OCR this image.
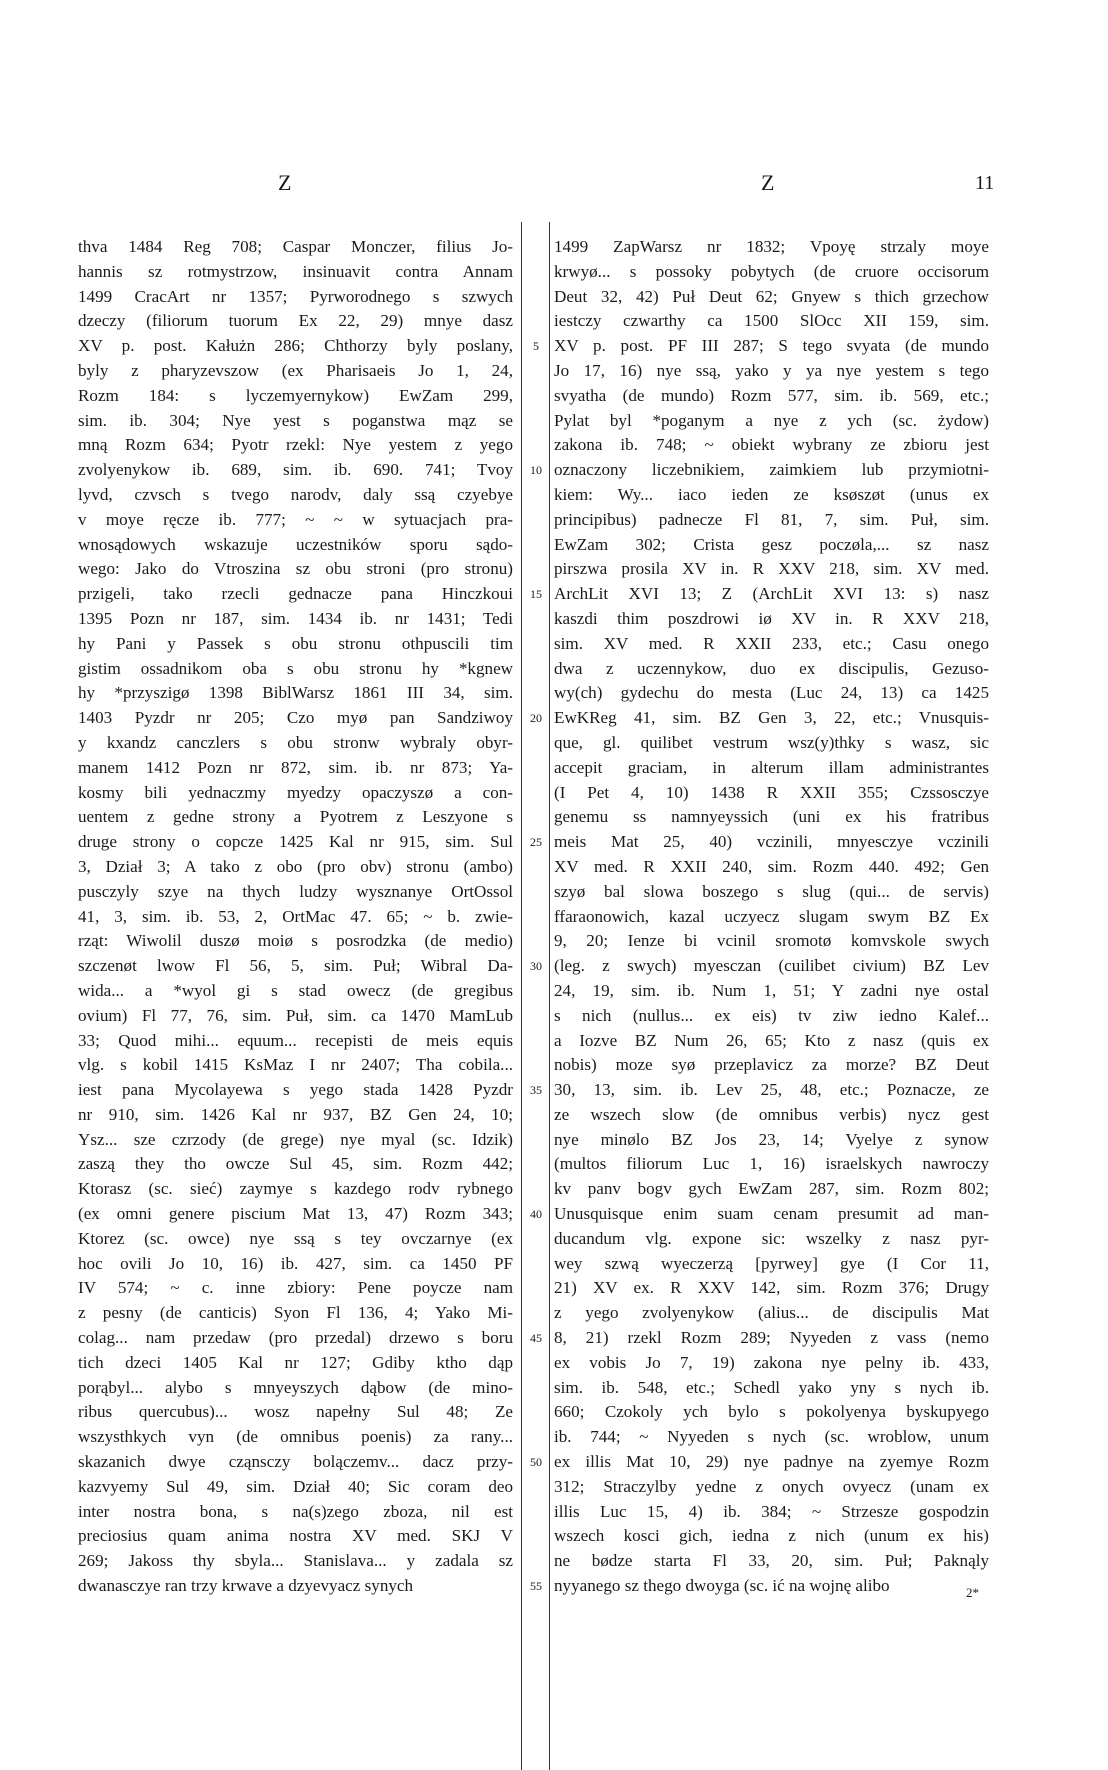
Z	Z	11
thva 1484 Reg 708; Caspar Monczer, filius Jo-
hannis sz rotmystrzow, insinuavit contra Annam
1499 CracArt nr 1357; Pyrworodnego s szwych
dzeczy (filiorum tuorum Ex 22, 29) mnye dasz
XV p. post. Kałużn 286; Chthorzy byly poslany,
byly z pharyzevszow (ex Pharisaeis Jo 1, 24,
Rozm 184: s lyczemyernykow) EwZam 299,
sim. ib. 304; Nye yest s poganstwa mąz se
mną Rozm 634; Pyotr rzekl: Nye yestem z yego
zvolyenykow ib. 689, sim. ib. 690. 741; Tvoy
lyvd, czvsch s tvego narodv, daly ssą czyebye
v moye ręcze ib. 777; ~ ~ w sytuacjach pra-
wnosądowych wskazuje uczestników sporu sądo-
wego: Jako do Vtroszina sz obu stroni (pro stronu)
przigeli, tako rzecli gednacze pana Hinczkoui
1395 Pozn nr 187, sim. 1434 ib. nr 1431; Tedi
hy Pani y Passek s obu stronu othpuscili tim
gistim ossadnikom oba s obu stronu hy *kgnew
hy *przyszigø 1398 BiblWarsz 1861 III 34, sim.
1403 Pyzdr nr 205; Czo myø pan Sandziwoy
y kxandz canczlers s obu stronw wybraly obyr-
manem 1412 Pozn nr 872, sim. ib. nr 873; Ya-
kosmy bili yednaczmy myedzy opaczyszø a con-
uentem z gedne strony a Pyotrem z Leszyone s
druge strony o copcze 1425 Kal nr 915, sim. Sul
3, Dział 3; A tako z obo (pro obv) stronu (ambo)
pusczyly szye na thych ludzy wysznanye OrtOssol
41, 3, sim. ib. 53, 2, OrtMac 47. 65; ~ b. zwie-
rząt: Wiwolil duszø moiø s posrodzka (de medio)
szczenøt lwow Fl 56, 5, sim. Puł; Wibral Da-
wida... a *wyol gi s stad owecz (de gregibus
ovium) Fl 77, 76, sim. Puł, sim. ca 1470 MamLub
33; Quod mihi... equum... recepisti de meis equis
vlg. s kobil 1415 KsMaz I nr 2407; Tha cobila...
iest pana Mycolayewa s yego stada 1428 Pyzdr
nr 910, sim. 1426 Kal nr 937, BZ Gen 24, 10;
Ysz... sze czrzody (de grege) nye myal (sc. Idzik)
zaszą they tho owcze Sul 45, sim. Rozm 442;
Ktorasz (sc. sieć) zaymye s kazdego rodv rybnego
(ex omni genere piscium Mat 13, 47) Rozm 343;
Ktorez (sc. owce) nye ssą s tey ovczarnye (ex
hoc ovili Jo 10, 16) ib. 427, sim. ca 1450 PF
IV 574; ~ c. inne zbiory: Pene poycze nam
z pesny (de canticis) Syon Fl 136, 4; Yako Mi-
colag... nam przedaw (pro przedal) drzewo s boru
tich dzeci 1405 Kal nr 127; Gdiby ktho dąp
porąbyl... alybo s mnyeyszych dąbow (de mino-
ribus quercubus)... wosz napełny Sul 48; Ze
wszysthkych vyn (de omnibus poenis) za rany...
skazanich dwye cząnsczy bolączemv... dacz przy-
kazvyemy Sul 49, sim. Dział 40; Sic coram deo
inter nostra bona, s na(s)zego zboza, nil est
preciosius quam anima nostra XV med. SKJ V
269; Jakoss thy sbyla... Stanislava... y zadala sz
dwanasczye ran trzy krwave a dzyevyacz synych
5
10
15
20
25
30
35
40
45
50
55
1499 ZapWarsz nr 1832; Vpoyę strzaly moye
krwyø... s possoky pobytych (de cruore occisorum
Deut 32, 42) Puł Deut 62; Gnyew s thich grzechow
iestczy czwarthy ca 1500 SlOcc XII 159, sim.
XV p. post. PF III 287; S tego svyata (de mundo
Jo 17, 16) nye ssą, yako y ya nye yestem s tego
svyatha (de mundo) Rozm 577, sim. ib. 569, etc.;
Pylat byl *poganym a nye z ych (sc. żydow)
zakona ib. 748; ~ obiekt wybrany ze zbioru jest
oznaczony liczebnikiem, zaimkiem lub przymiotni-
kiem: Wy... iaco ieden ze ksøszøt (unus ex
principibus) padnecze Fl 81, 7, sim. Puł, sim.
EwZam 302; Crista gesz poczøla,... sz nasz
pirszwa prosila XV in. R XXV 218, sim. XV med.
ArchLit XVI 13; Z (ArchLit XVI 13: s) nasz
kaszdi thim poszdrowi iø XV in. R XXV 218,
sim. XV med. R XXII 233, etc.; Casu onego
dwa z uczennykow, duo ex discipulis, Gezuso-
wy(ch) gydechu do mesta (Luc 24, 13) ca 1425
EwKReg 41, sim. BZ Gen 3, 22, etc.; Vnusquis-
que, gl. quilibet vestrum wsz(y)thky s wasz, sic
accepit graciam, in alterum illam administrantes
(I Pet 4, 10) 1438 R XXII 355; Czssosczye
genemu ss namnyeyssich (uni ex his fratribus
meis Mat 25, 40) vczinili, mnyesczye vczinili
XV med. R XXII 240, sim. Rozm 440. 492; Gen
szyø bal slowa boszego s slug (qui... de servis)
ffaraonowich, kazal uczyecz slugam swym BZ Ex
9, 20; Ienze bi vcinil sromotø komvskole swych
(leg. z swych) myesczan (cuilibet civium) BZ Lev
24, 19, sim. ib. Num 1, 51; Y zadni nye ostal
s nich (nullus... ex eis) tv ziw iedno Kalef...
a Iozve BZ Num 26, 65; Kto z nasz (quis ex
nobis) moze syø przeplavicz za morze? BZ Deut
30, 13, sim. ib. Lev 25, 48, etc.; Poznacze, ze
ze wszech slow (de omnibus verbis) nycz gest
nye minølo BZ Jos 23, 14; Vyelye z synow
(multos filiorum Luc 1, 16) israelskych nawroczy
kv panv bogv gych EwZam 287, sim. Rozm 802;
Unusquisque enim suam cenam presumit ad man-
ducandum vlg. expone sic: wszelky z nasz pyr-
wey szwą wyeczerzą [pyrwey] gye (I Cor 11,
21) XV ex. R XXV 142, sim. Rozm 376; Drugy
z yego zvolyenykow (alius... de discipulis Mat
8, 21) rzekl Rozm 289; Nyyeden z vass (nemo
ex vobis Jo 7, 19) zakona nye pelny ib. 433,
sim. ib. 548, etc.; Schedl yako yny s nych ib.
660; Czokoly ych bylo s pokolyenya byskupyego
ib. 744; ~ Nyyeden s nych (sc. wroblow, unum
ex illis Mat 10, 29) nye padnye na zyemye Rozm
312; Straczylby yedne z onych ovyecz (unam ex
illis Luc 15, 4) ib. 384; ~ Strzesze gospodzin
wszech kosci gich, iedna z nich (unum ex his)
ne bødze starta Fl 33, 20, sim. Puł; Paknąly
nyyanego sz thego dwoyga (sc. ić na wojnę alibo	2*
